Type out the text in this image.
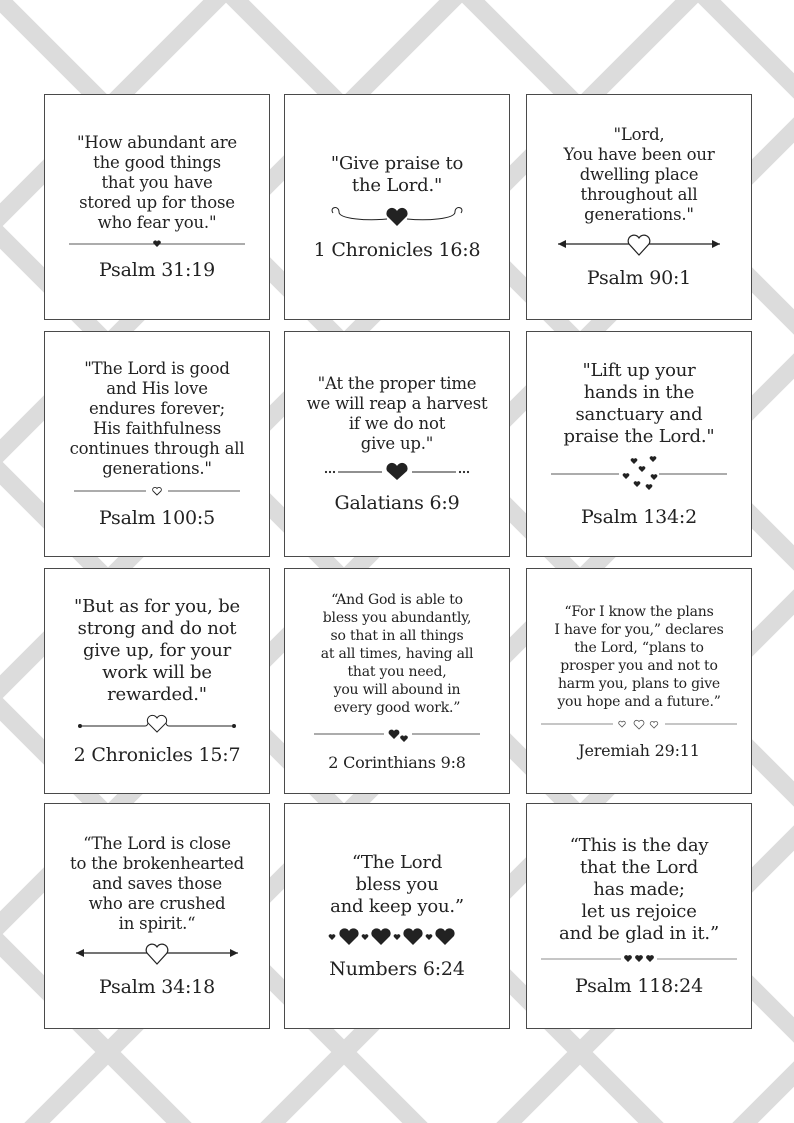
"How abundant are
the good things
that you have
stored up for those
who fear you."
Psalm 31:19
"Give praise to
the Lord."
1 Chronicles 16:8
"Lord,
You have been our
dwelling place
throughout all
generations."
Psalm 90:1
"The Lord is good
and His love
endures forever;
His faithfulness
continues through all
generations."
Psalm 100:5
"At the proper time
we will reap a harvest
if we do not
give up."
Galatians 6:9
"Lift up your
hands in the
sanctuary and
praise the Lord."
Psalm 134:2
"But as for you, be
strong and do not
give up, for your
work will be
rewarded."
2 Chronicles 15:7
“And God is able to
bless you abundantly,
so that in all things
at all times, having all
that you need,
you will abound in
every good work.”
2 Corinthians 9:8
“For I know the plans
I have for you,” declares
the Lord, “plans to
prosper you and not to
harm you, plans to give
you hope and a future.”
Jeremiah 29:11
“The Lord is close
to the brokenhearted
and saves those
who are crushed
in spirit.“
Psalm 34:18
“The Lord
bless you
and keep you.”
Numbers 6:24
“This is the day
that the Lord
has made;
let us rejoice
and be glad in it.”
Psalm 118:24
